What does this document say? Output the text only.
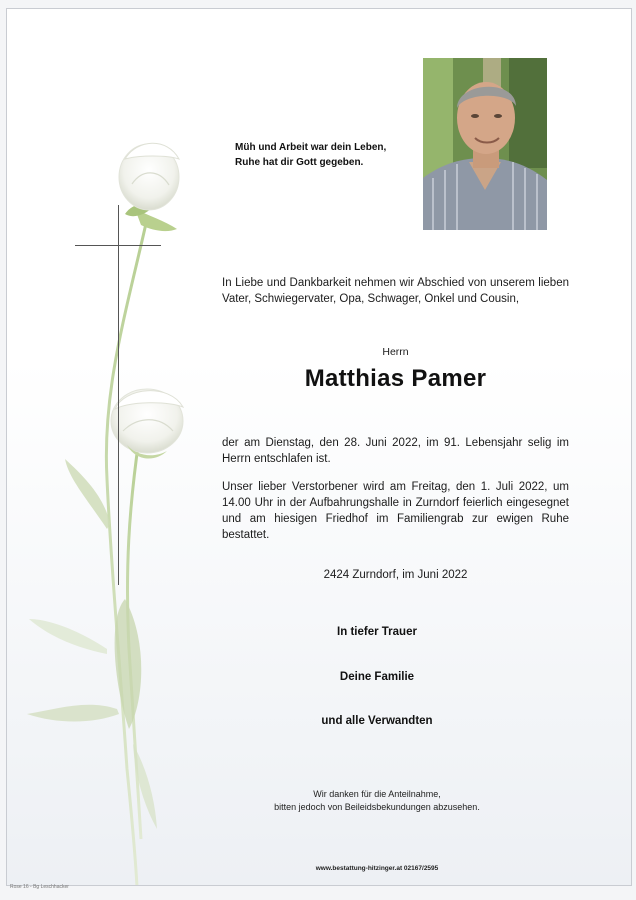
Müh und Arbeit war dein Leben,
Ruhe hat dir Gott gegeben.
In Liebe und Dankbarkeit nehmen wir Abschied von unserem lieben Vater, Schwiegervater, Opa, Schwager, Onkel und Cousin,
Herrn
Matthias Pamer
der am Dienstag, den 28. Juni 2022, im 91. Lebensjahr selig im Herrn entschlafen ist.
Unser lieber Verstorbener wird am Freitag, den 1. Juli 2022, um 14.00 Uhr in der Aufbahrungshalle in Zurndorf feierlich eingesegnet und am hiesigen Friedhof im Familiengrab zur ewigen Ruhe bestattet.
2424 Zurndorf, im Juni 2022
In tiefer Trauer
Deine Familie
und alle Verwandten
Wir danken für die Anteilnahme,
bitten jedoch von Beileidsbekundungen abzusehen.
www.bestattung-hitzinger.at 02167/2595
Rose 16 - Bg Leschhacker
